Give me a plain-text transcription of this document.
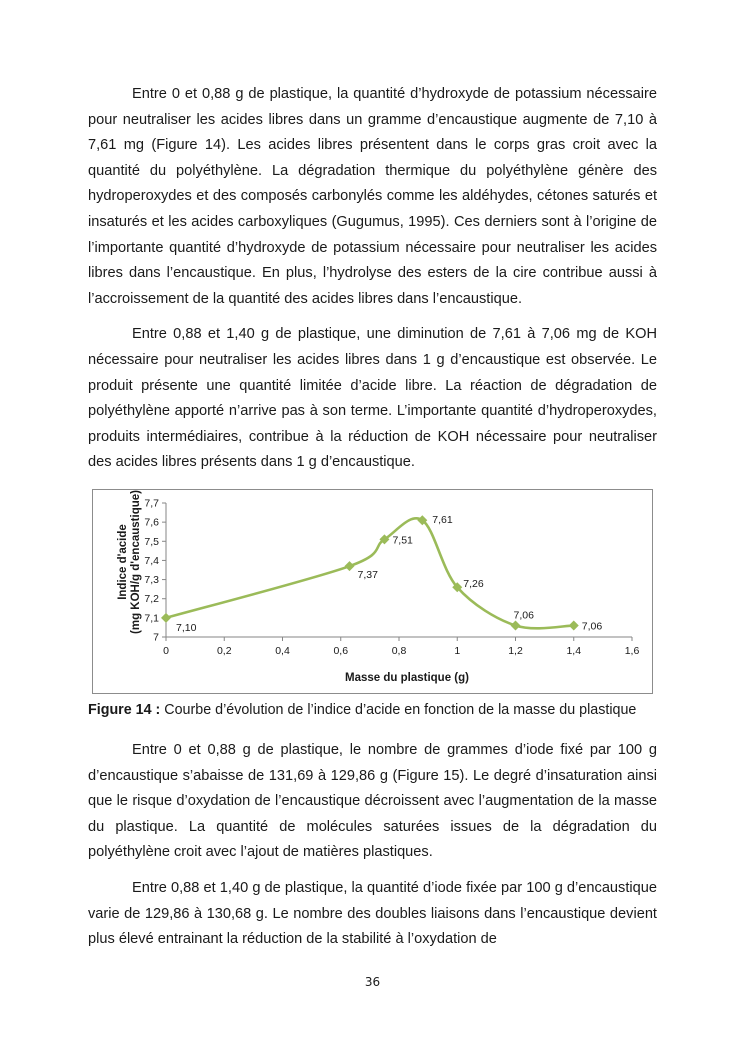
Entre 0 et 0,88 g de plastique, la quantité d’hydroxyde de potassium nécessaire pour neutraliser les acides libres dans un gramme d’encaustique augmente de 7,10 à 7,61 mg (Figure 14). Les acides libres présentent dans le corps gras croit avec la quantité du polyéthylène. La dégradation thermique du polyéthylène génère des hydroperoxydes et des composés carbonylés comme les aldéhydes, cétones saturés et insaturés et les acides carboxyliques (Gugumus, 1995). Ces derniers sont à l’origine de l’importante quantité d’hydroxyde de potassium nécessaire pour neutraliser les acides libres dans l’encaustique. En plus, l’hydrolyse des esters de la cire contribue aussi à l’accroissement de la quantité des acides libres dans l’encaustique.

Entre 0,88 et 1,40 g de plastique, une diminution de 7,61 à 7,06 mg de KOH nécessaire pour neutraliser les acides libres dans 1 g d’encaustique est observée. Le produit présente une quantité limitée d’acide libre. La réaction de dégradation de polyéthylène apporté n’arrive pas à son terme. L’importante quantité d’hydroperoxydes, produits intermédiaires, contribue à la réduction de KOH nécessaire pour neutraliser des acides libres présents dans 1 g d’encaustique.

7
7,1
7,2
7,3
7,4
7,5
7,6
7,7
0	0,2	0,4	0,6	0,8	1	1,2	1,4	1,6
Masse du plastique (g)
Indice d'acide (mg KOH/g d'encaustique)	7,10
7,37
7,51
7,61
7,26
7,06
7,06
Figure 14 : Courbe d’évolution de l’indice d’acide en fonction de la masse du plastique

Entre 0 et 0,88 g de plastique, le nombre de grammes d’iode fixé par 100 g d’encaustique s’abaisse de 131,69 à 129,86 g (Figure 15). Le degré d’insaturation ainsi que le risque d’oxydation de l’encaustique décroissent avec l’augmentation de la masse du plastique. La quantité de molécules saturées issues de la dégradation du polyéthylène croit avec l’ajout de matières plastiques.

Entre 0,88 et 1,40 g de plastique, la quantité d’iode fixée par 100 g d’encaustique varie de 129,86 à 130,68 g. Le nombre des doubles liaisons dans l’encaustique devient plus élevé entrainant la réduction de la stabilité à l’oxydation de

36
